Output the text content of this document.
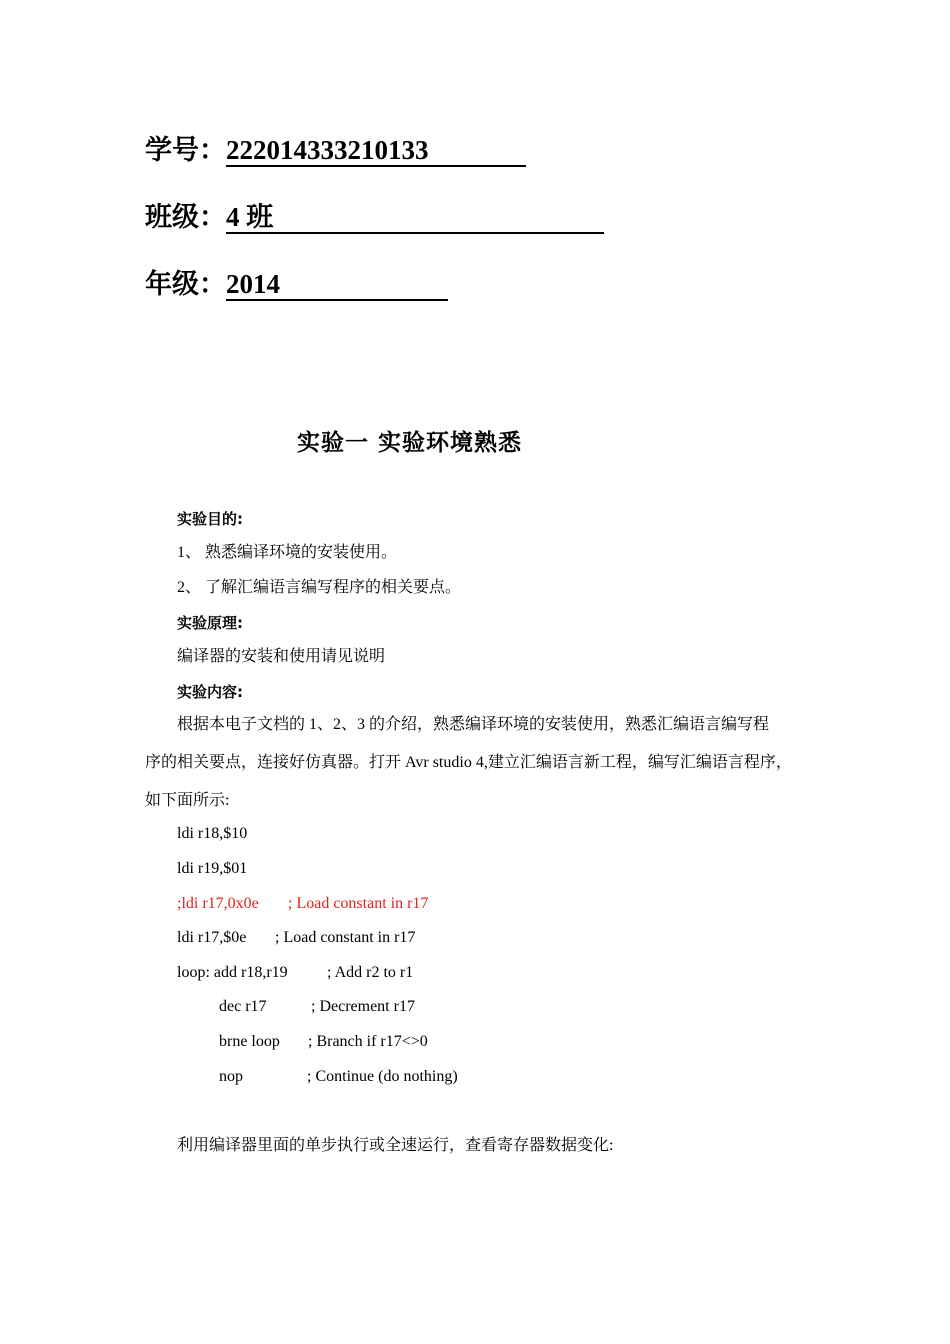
学号：222014333210133
班级：4 班
年级：2014
实验一 实验环境熟悉
实验目的:
1、 熟悉编译环境的安装使用。
2、 了解汇编语言编写程序的相关要点。
实验原理:
编译器的安装和使用请见说明
实验内容:
根据本电子文档的 1、2、3 的介绍，熟悉编译环境的安装使用，熟悉汇编语言编写程
序的相关要点，连接好仿真器。打开 Avr studio 4,建立汇编语言新工程，编写汇编语言程序，
如下面所示:
ldi r18,$10
ldi r19,$01
;ldi r17,0x0e ; Load constant in r17
ldi r17,$0e ; Load constant in r17
loop: add r18,r19 ; Add r2 to r1
dec r17	; Decrement r17
brne loop ; Branch if r17<>0
nop	; Continue (do nothing)
利用编译器里面的单步执行或全速运行，查看寄存器数据变化:
